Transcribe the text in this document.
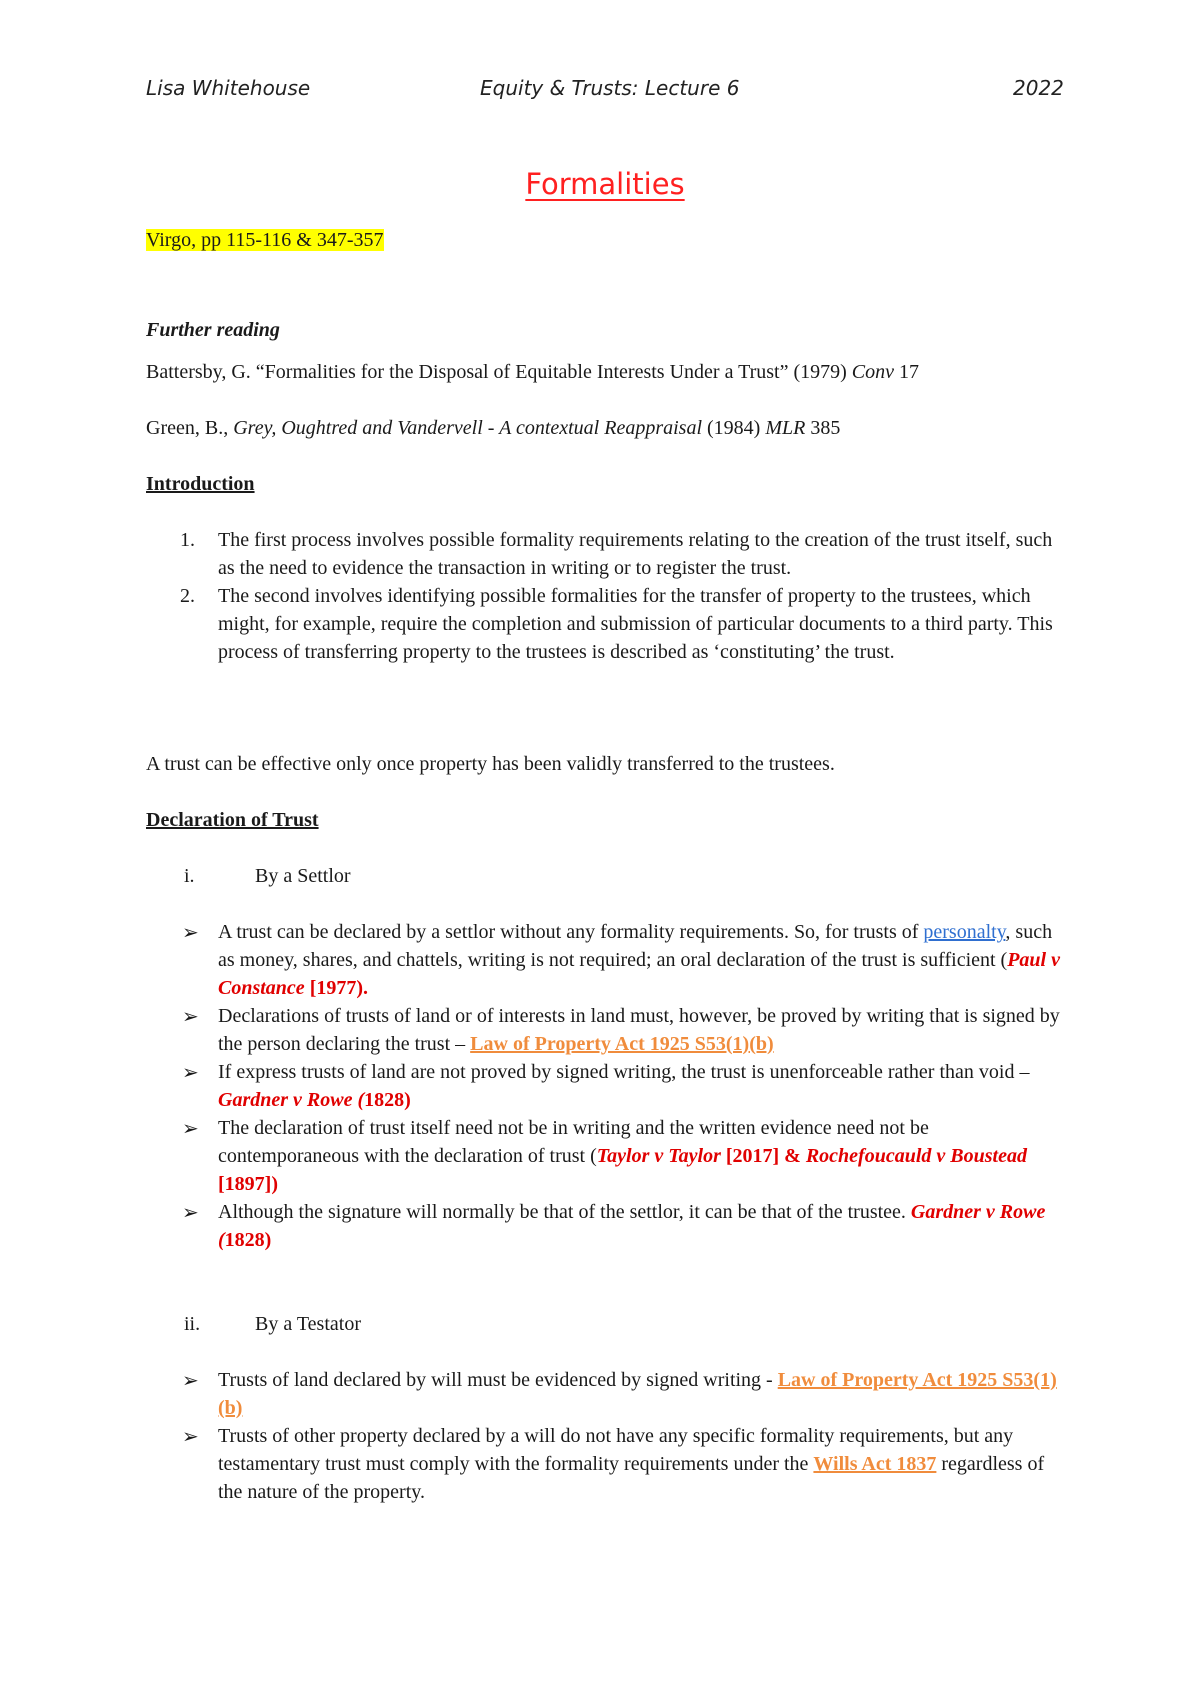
Lisa Whitehouse	Equity & Trusts: Lecture 6	2022
Formalities
Virgo, pp 115-116 & 347-357
Further reading
Battersby, G. “Formalities for the Disposal of Equitable Interests Under a Trust” (1979) Conv 17
Green, B., Grey, Oughtred and Vandervell - A contextual Reappraisal (1984) MLR 385
Introduction
1. The first process involves possible formality requirements relating to the creation of the trust itself, such as the need to evidence the transaction in writing or to register the trust.
2. The second involves identifying possible formalities for the transfer of property to the trustees, which might, for example, require the completion and submission of particular documents to a third party. This process of transferring property to the trustees is described as ‘constituting’ the trust.
A trust can be effective only once property has been validly transferred to the trustees.
Declaration of Trust
i.	By a Settlor
➢ A trust can be declared by a settlor without any formality requirements. So, for trusts of personalty, such as money, shares, and chattels, writing is not required; an oral declaration of the trust is sufficient (Paul v Constance [1977).
➢ Declarations of trusts of land or of interests in land must, however, be proved by writing that is signed by the person declaring the trust – Law of Property Act 1925 S53(1)(b)
➢ If express trusts of land are not proved by signed writing, the trust is unenforceable rather than void – Gardner v Rowe (1828)
➢ The declaration of trust itself need not be in writing and the written evidence need not be contemporaneous with the declaration of trust (Taylor v Taylor [2017] & Rochefoucauld v Boustead [1897])
➢ Although the signature will normally be that of the settlor, it can be that of the trustee. Gardner v Rowe (1828)
ii.	By a Testator
➢ Trusts of land declared by will must be evidenced by signed writing - Law of Property Act 1925 S53(1)(b)
➢ Trusts of other property declared by a will do not have any specific formality requirements, but any testamentary trust must comply with the formality requirements under the Wills Act 1837 regardless of the nature of the property.
